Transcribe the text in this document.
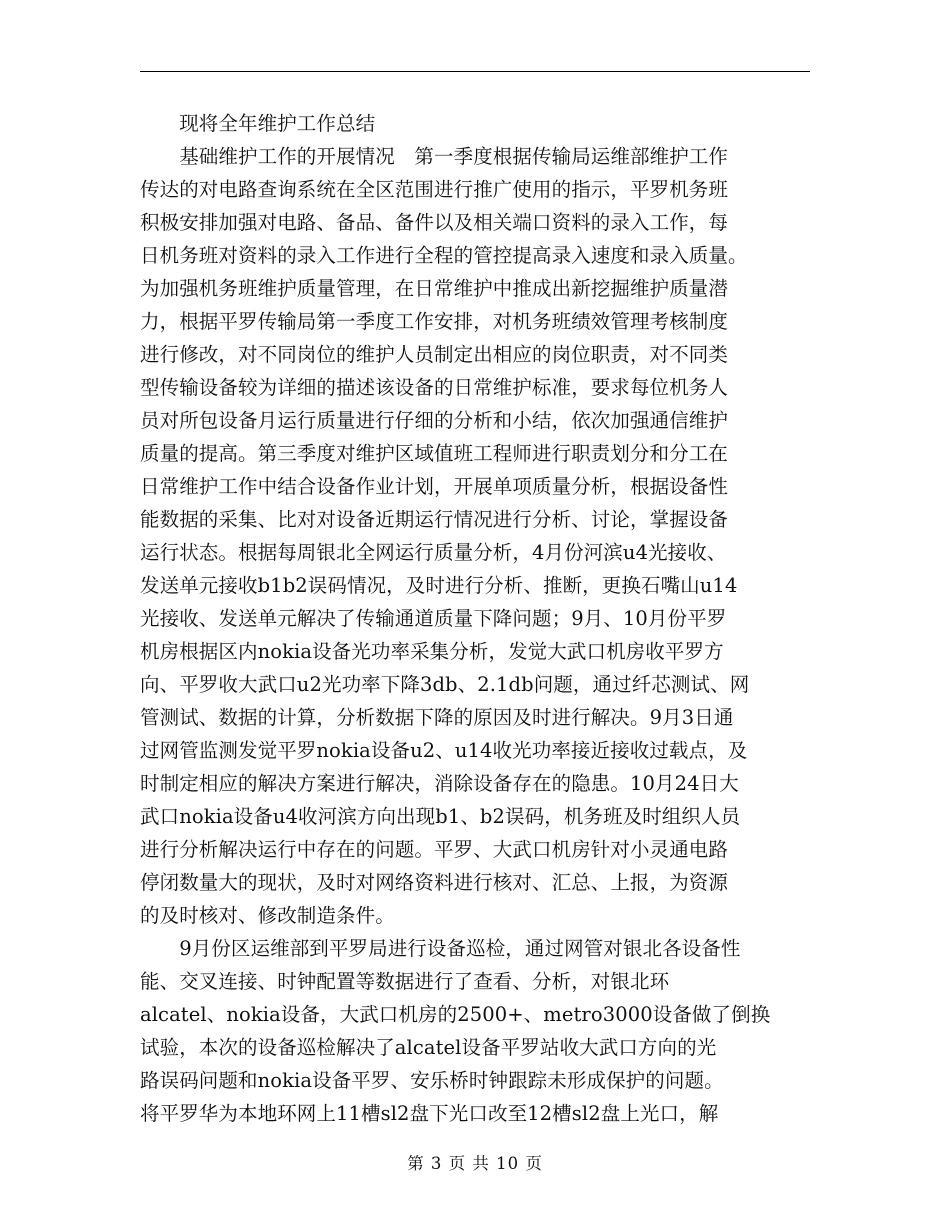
　　现将全年维护工作总结
　　基础维护工作的开展情况　第一季度根据传输局运维部维护工作
传达的对电路查询系统在全区范围进行推广使用的指示，平罗机务班
积极安排加强对电路、备品、备件以及相关端口资料的录入工作，每
日机务班对资料的录入工作进行全程的管控提高录入速度和录入质量。
为加强机务班维护质量管理，在日常维护中推成出新挖掘维护质量潜
力，根据平罗传输局第一季度工作安排，对机务班绩效管理考核制度
进行修改，对不同岗位的维护人员制定出相应的岗位职责，对不同类
型传输设备较为详细的描述该设备的日常维护标准，要求每位机务人
员对所包设备月运行质量进行仔细的分析和小结，依次加强通信维护
质量的提高。第三季度对维护区域值班工程师进行职责划分和分工在
日常维护工作中结合设备作业计划，开展单项质量分析，根据设备性
能数据的采集、比对对设备近期运行情况进行分析、讨论，掌握设备
运行状态。根据每周银北全网运行质量分析，4月份河滨u4光接收、
发送单元接收b1b2误码情况，及时进行分析、推断，更换石嘴山u14
光接收、发送单元解决了传输通道质量下降问题；9月、10月份平罗
机房根据区内nokia设备光功率采集分析，发觉大武口机房收平罗方
向、平罗收大武口u2光功率下降3db、2.1db问题，通过纤芯测试、网
管测试、数据的计算，分析数据下降的原因及时进行解决。9月3日通
过网管监测发觉平罗nokia设备u2、u14收光功率接近接收过载点，及
时制定相应的解决方案进行解决，消除设备存在的隐患。10月24日大
武口nokia设备u4收河滨方向出现b1、b2误码，机务班及时组织人员
进行分析解决运行中存在的问题。平罗、大武口机房针对小灵通电路
停闭数量大的现状，及时对网络资料进行核对、汇总、上报，为资源
的及时核对、修改制造条件。
　　9月份区运维部到平罗局进行设备巡检，通过网管对银北各设备性
能、交叉连接、时钟配置等数据进行了查看、分析，对银北环
alcatel、nokia设备，大武口机房的2500+、metro3000设备做了倒换
试验，本次的设备巡检解决了alcatel设备平罗站收大武口方向的光
路误码问题和nokia设备平罗、安乐桥时钟跟踪未形成保护的问题。
将平罗华为本地环网上11槽sl2盘下光口改至12槽sl2盘上光口，解
第 3 页 共 10 页
